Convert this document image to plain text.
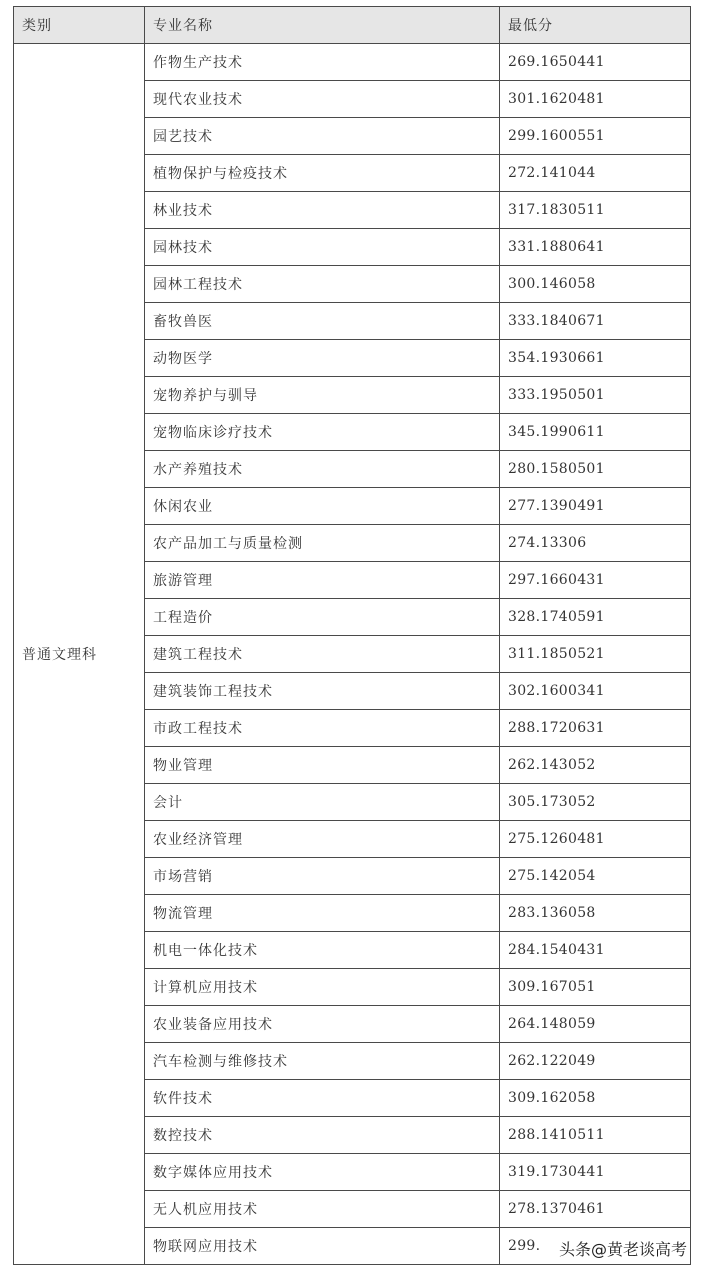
类别	专业名称	最低分
普通文理科	作物生产技术	269.1650441
	现代农业技术	301.1620481
	园艺技术	299.1600551
	植物保护与检疫技术	272.141044
	林业技术	317.1830511
	园林技术	331.1880641
	园林工程技术	300.146058
	畜牧兽医	333.1840671
	动物医学	354.1930661
	宠物养护与驯导	333.1950501
	宠物临床诊疗技术	345.1990611
	水产养殖技术	280.1580501
	休闲农业	277.1390491
	农产品加工与质量检测	274.13306
	旅游管理	297.1660431
	工程造价	328.1740591
	建筑工程技术	311.1850521
	建筑装饰工程技术	302.1600341
	市政工程技术	288.1720631
	物业管理	262.143052
	会计	305.173052
	农业经济管理	275.1260481
	市场营销	275.142054
	物流管理	283.136058
	机电一体化技术	284.1540431
	计算机应用技术	309.167051
	农业装备应用技术	264.148059
	汽车检测与维修技术	262.122049
	软件技术	309.162058
	数控技术	288.1410511
	数字媒体应用技术	319.1730441
	无人机应用技术	278.1370461
	物联网应用技术	299. 头条@黄老谈高考
